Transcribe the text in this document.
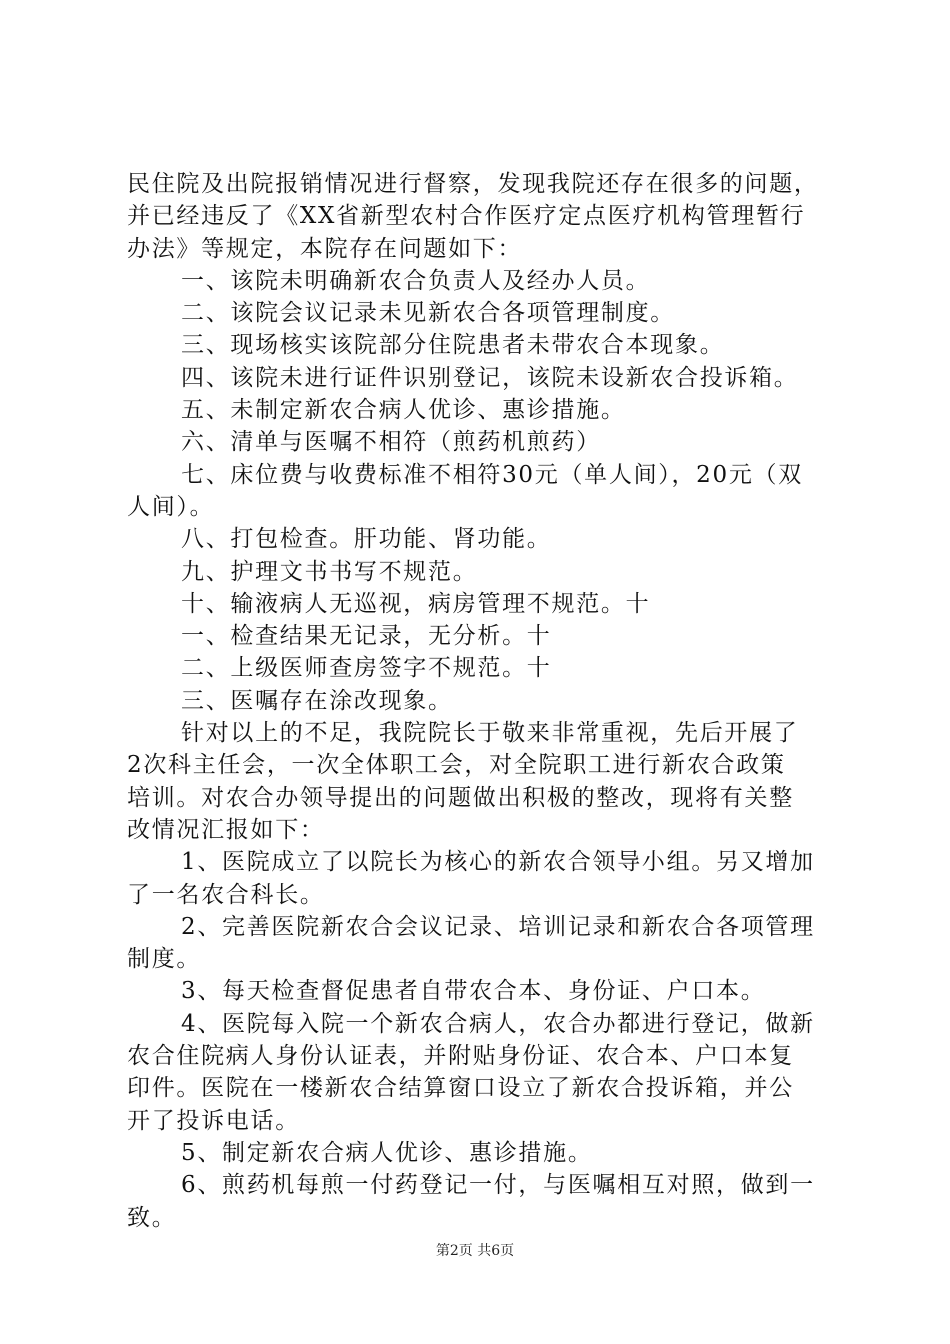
民住院及出院报销情况进行督察，发现我院还存在很多的问题，
并已经违反了《XX省新型农村合作医疗定点医疗机构管理暂行
办法》等规定，本院存在问题如下：
一、该院未明确新农合负责人及经办人员。
二、该院会议记录未见新农合各项管理制度。
三、现场核实该院部分住院患者未带农合本现象。
四、该院未进行证件识别登记，该院未设新农合投诉箱。
五、未制定新农合病人优诊、惠诊措施。
六、清单与医嘱不相符（煎药机煎药）
七、床位费与收费标准不相符30元（单人间），20元（双
人间）。
八、打包检查。肝功能、肾功能。
九、护理文书书写不规范。
十、输液病人无巡视，病房管理不规范。十
一、检查结果无记录，无分析。十
二、上级医师查房签字不规范。十
三、医嘱存在涂改现象。
针对以上的不足，我院院长于敬来非常重视，先后开展了
2次科主任会，一次全体职工会，对全院职工进行新农合政策
培训。对农合办领导提出的问题做出积极的整改，现将有关整
改情况汇报如下：
1、医院成立了以院长为核心的新农合领导小组。另又增加
了一名农合科长。
2、完善医院新农合会议记录、培训记录和新农合各项管理
制度。
3、每天检查督促患者自带农合本、身份证、户口本。
4、医院每入院一个新农合病人，农合办都进行登记，做新
农合住院病人身份认证表，并附贴身份证、农合本、户口本复
印件。医院在一楼新农合结算窗口设立了新农合投诉箱，并公
开了投诉电话。
5、制定新农合病人优诊、惠诊措施。
6、煎药机每煎一付药登记一付，与医嘱相互对照，做到一
致。
第2页 共6页
